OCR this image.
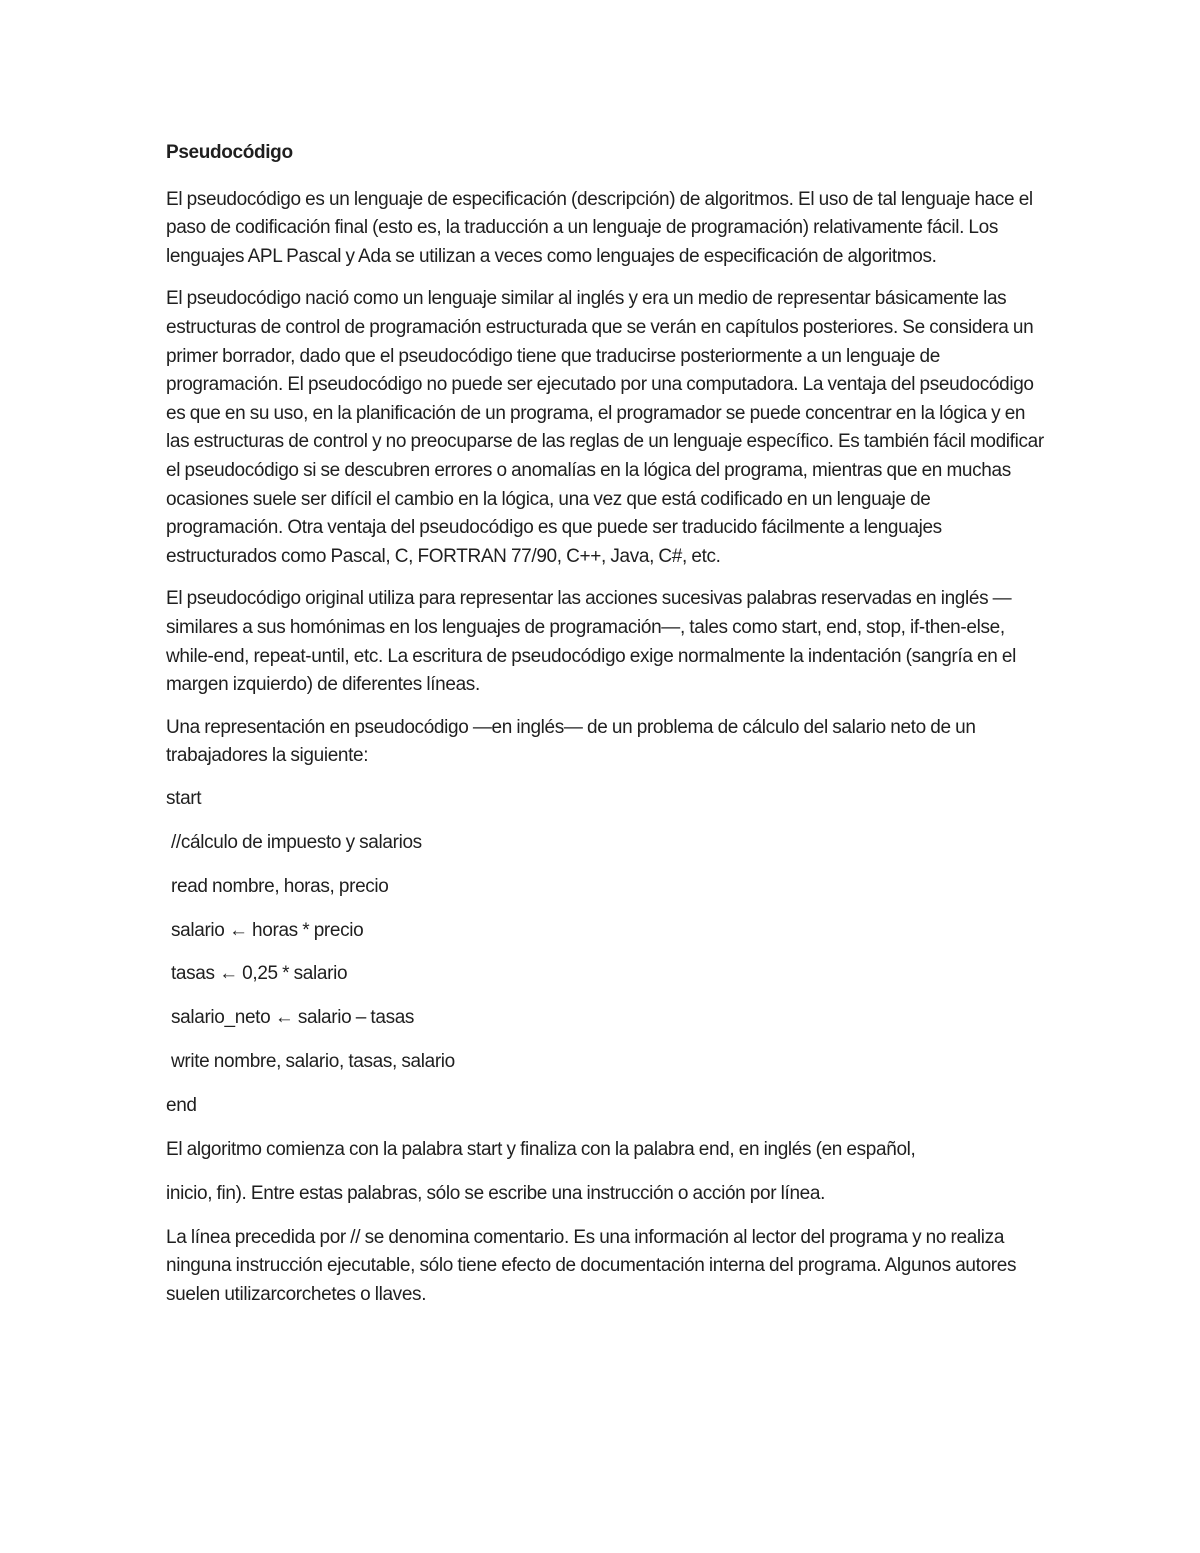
Pseudocódigo

El pseudocódigo es un lenguaje de especificación (descripción) de algoritmos. El uso de tal lenguaje hace el paso de codificación final (esto es, la traducción a un lenguaje de programación) relativamente fácil. Los lenguajes APL Pascal y Ada se utilizan a veces como lenguajes de especificación de algoritmos.

El pseudocódigo nació como un lenguaje similar al inglés y era un medio de representar básicamente las estructuras de control de programación estructurada que se verán en capítulos posteriores. Se considera un primer borrador, dado que el pseudocódigo tiene que traducirse posteriormente a un lenguaje de programación. El pseudocódigo no puede ser ejecutado por una computadora. La ventaja del pseudocódigo es que en su uso, en la planificación de un programa, el programador se puede concentrar en la lógica y en las estructuras de control y no preocuparse de las reglas de un lenguaje específico. Es también fácil modificar el pseudocódigo si se descubren errores o anomalías en la lógica del programa, mientras que en muchas ocasiones suele ser difícil el cambio en la lógica, una vez que está codificado en un lenguaje de programación. Otra ventaja del pseudocódigo es que puede ser traducido fácilmente a lenguajes estructurados como Pascal, C, FORTRAN 77/90, C++, Java, C#, etc.

El pseudocódigo original utiliza para representar las acciones sucesivas palabras reservadas en inglés —similares a sus homónimas en los lenguajes de programación—, tales como start, end, stop, if-then-else, while-end, repeat-until, etc. La escritura de pseudocódigo exige normalmente la indentación (sangría en el margen izquierdo) de diferentes líneas.

Una representación en pseudocódigo —en inglés— de un problema de cálculo del salario neto de un trabajadores la siguiente:

start
//cálculo de impuesto y salarios
read nombre, horas, precio
salario ← horas * precio
tasas ← 0,25 * salario
salario_neto ← salario – tasas
write nombre, salario, tasas, salario
end
El algoritmo comienza con la palabra start y finaliza con la palabra end, en inglés (en español,
inicio, fin). Entre estas palabras, sólo se escribe una instrucción o acción por línea.

La línea precedida por // se denomina comentario. Es una información al lector del programa y no realiza ninguna instrucción ejecutable, sólo tiene efecto de documentación interna del programa. Algunos autores suelen utilizarcorchetes o llaves.
